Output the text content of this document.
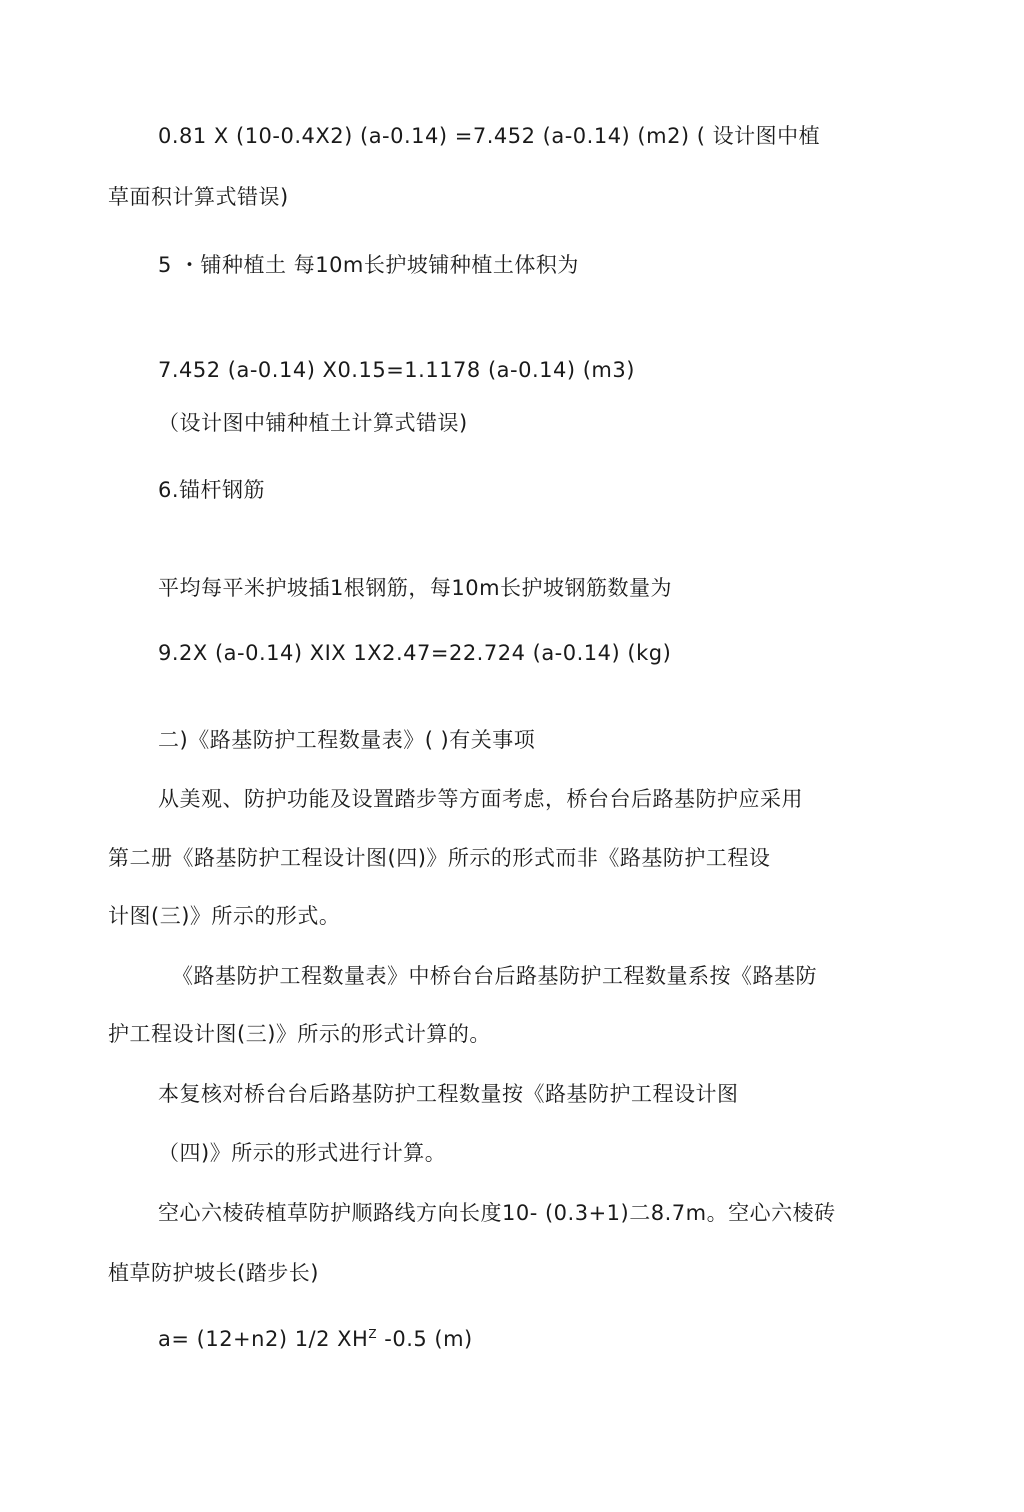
0.81 X (10-0.4X2) (a-0.14) =7.452 (a-0.14) (m2) ( 设计图中植
草面积计算式错误)
5 ・铺种植土 每10m长护坡铺种植土体积为
7.452 (a-0.14) X0.15=1.1178 (a-0.14) (m3)
（设计图中铺种植土计算式错误)
6.锚杆钢筋
平均每平米护坡插1根钢筋，每10m长护坡钢筋数量为
9.2X (a-0.14) XIX 1X2.47=22.724 (a-0.14) (kg)
二)《路基防护工程数量表》( )有关事项
从美观、防护功能及设置踏步等方面考虑，桥台台后路基防护应采用
第二册《路基防护工程设计图(四)》所示的形式而非《路基防护工程设
计图(三)》所示的形式。
《路基防护工程数量表》中桥台台后路基防护工程数量系按《路基防
护工程设计图(三)》所示的形式计算的。
本复核对桥台台后路基防护工程数量按《路基防护工程设计图
（四)》所示的形式进行计算。
空心六棱砖植草防护顺路线方向长度10- (0.3+1)二8.7m。空心六棱砖
植草防护坡长(踏步长)
a= (12+n2) 1/2 $XH^Z$ -0.5 (m)
